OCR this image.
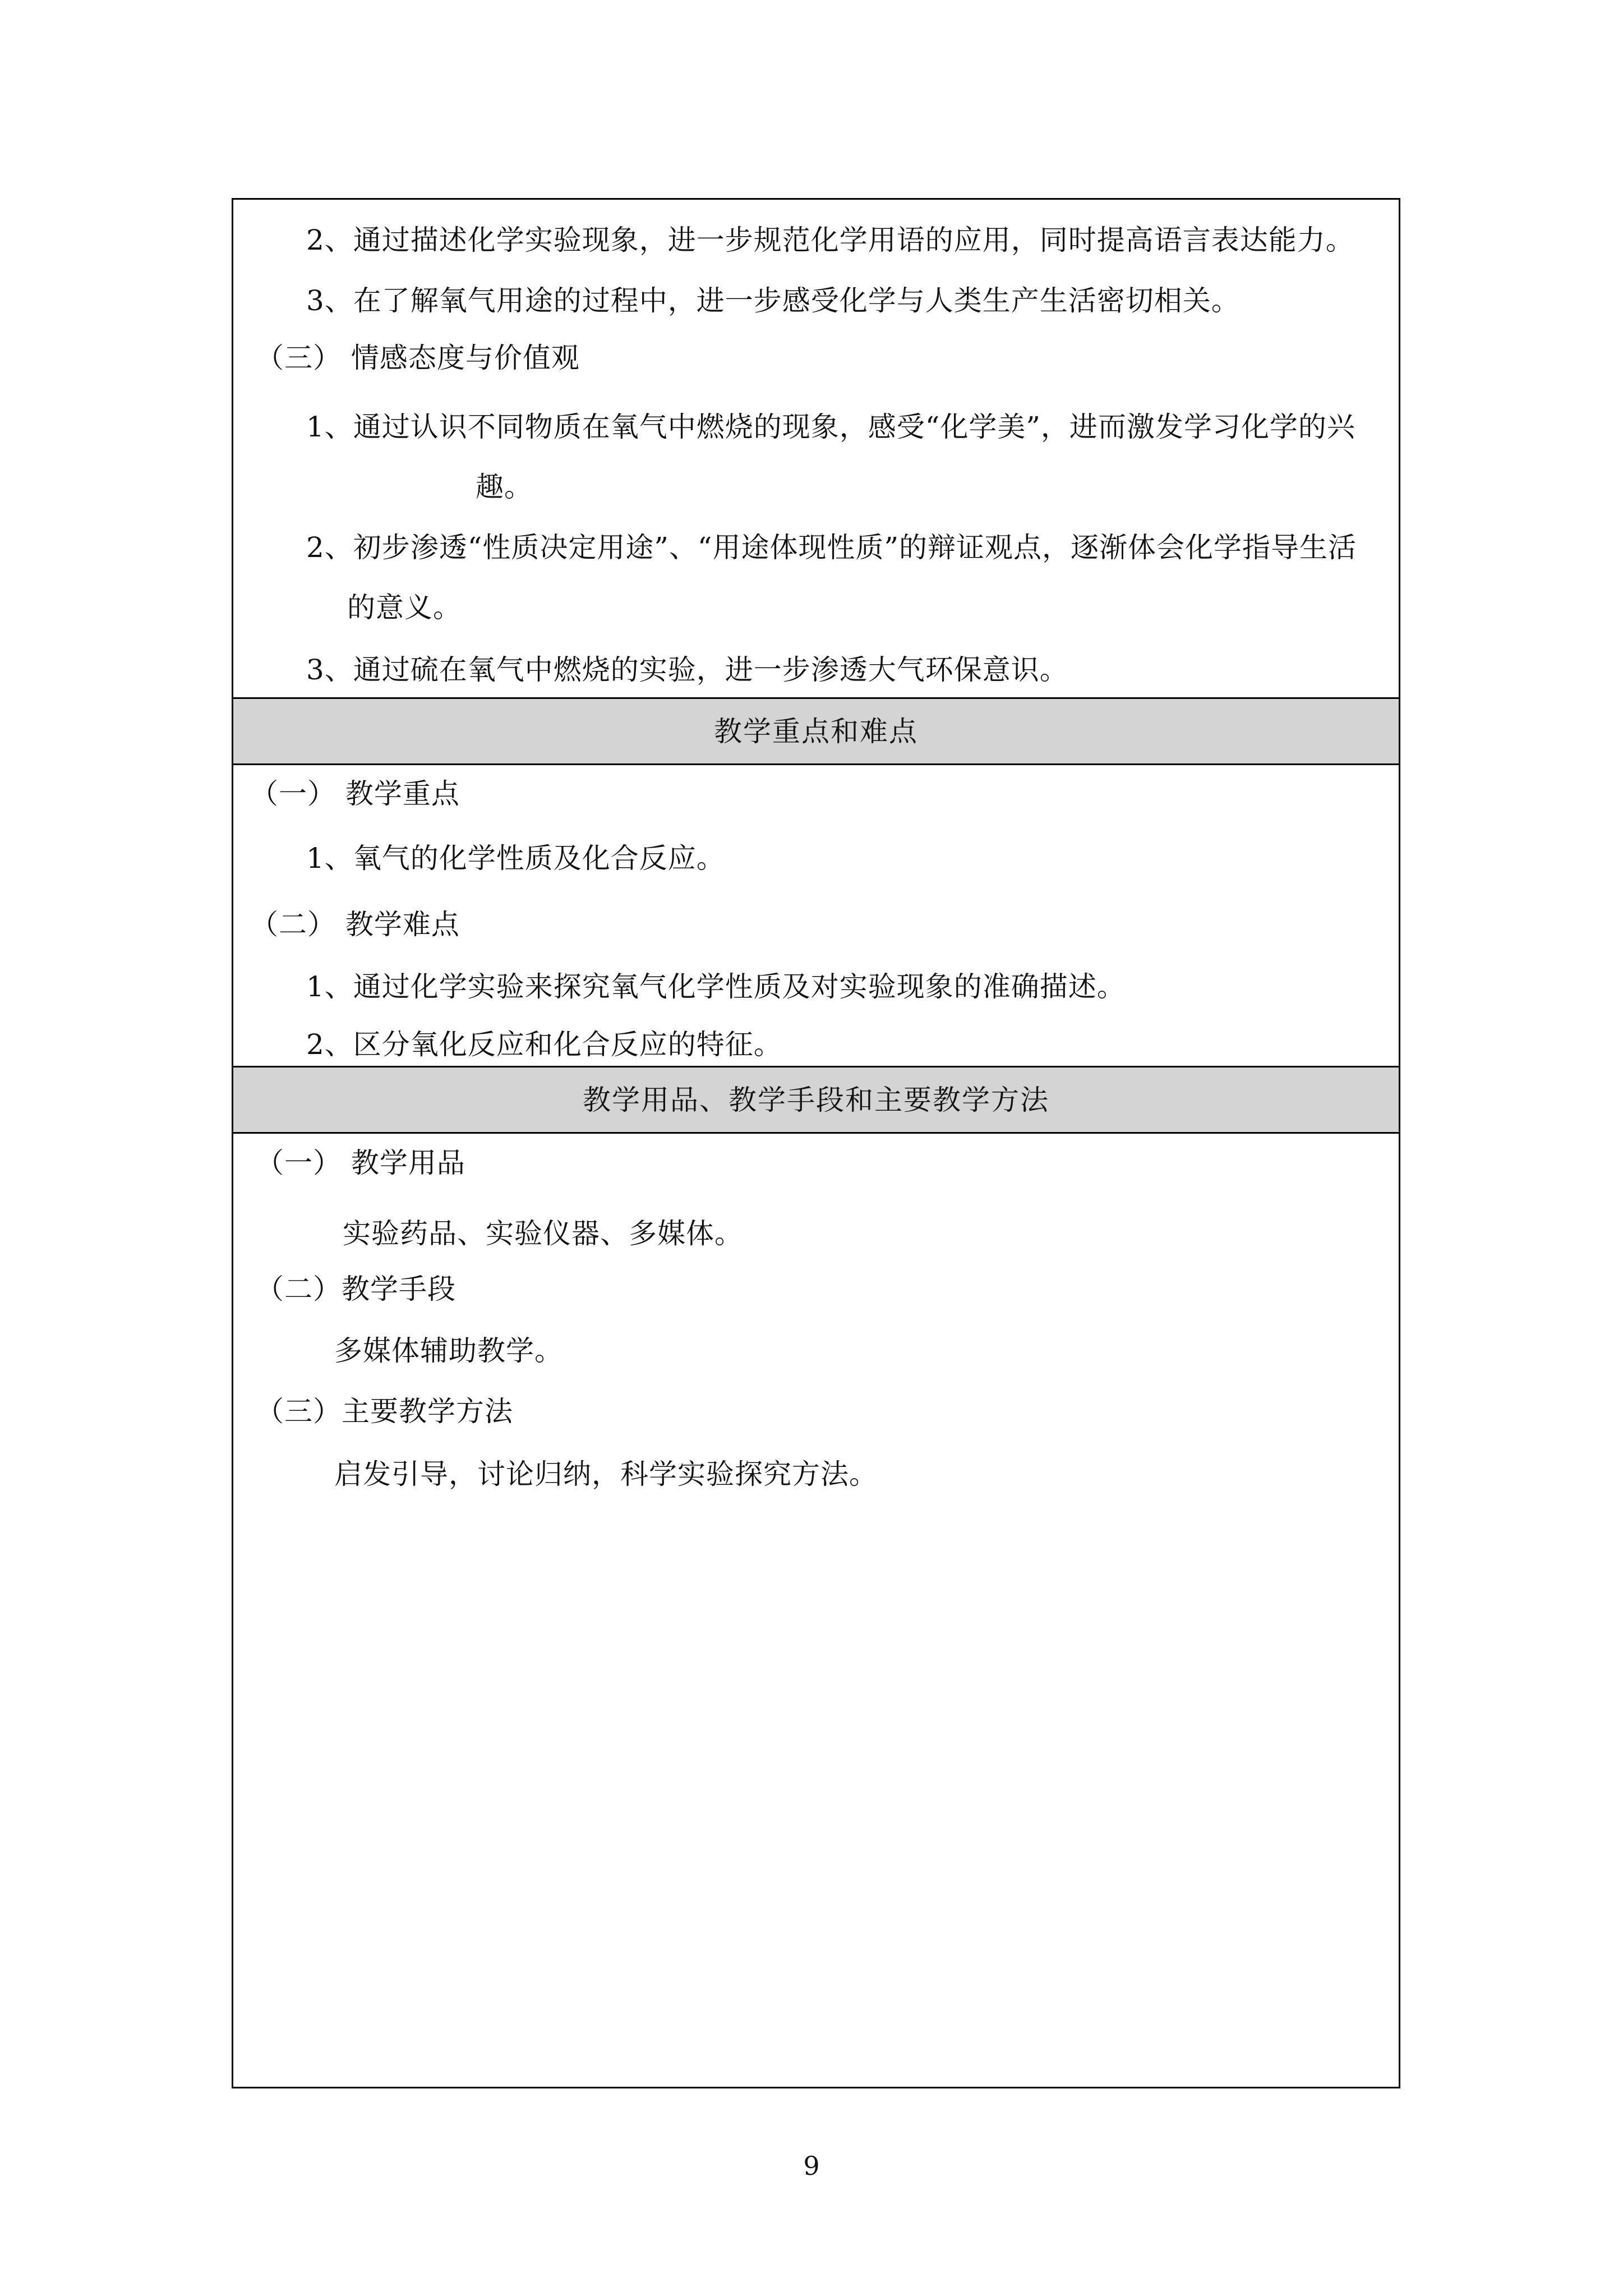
2、通过描述化学实验现象，进一步规范化学用语的应用，同时提高语言表达能力。
3、在了解氧气用途的过程中，进一步感受化学与人类生产生活密切相关。
（三） 情感态度与价值观
1、通过认识不同物质在氧气中燃烧的现象，感受“化学美”，进而激发学习化学的兴
趣。
2、初步渗透“性质决定用途”、“用途体现性质”的辩证观点，逐渐体会化学指导生活
的意义。
3、通过硫在氧气中燃烧的实验，进一步渗透大气环保意识。
教学重点和难点
（一） 教学重点
1、氧气的化学性质及化合反应。
（二） 教学难点
1、通过化学实验来探究氧气化学性质及对实验现象的准确描述。
2、区分氧化反应和化合反应的特征。
教学用品、教学手段和主要教学方法
（一） 教学用品
实验药品、实验仪器、多媒体。
（二）教学手段
多媒体辅助教学。
（三）主要教学方法
启发引导，讨论归纳，科学实验探究方法。
9
